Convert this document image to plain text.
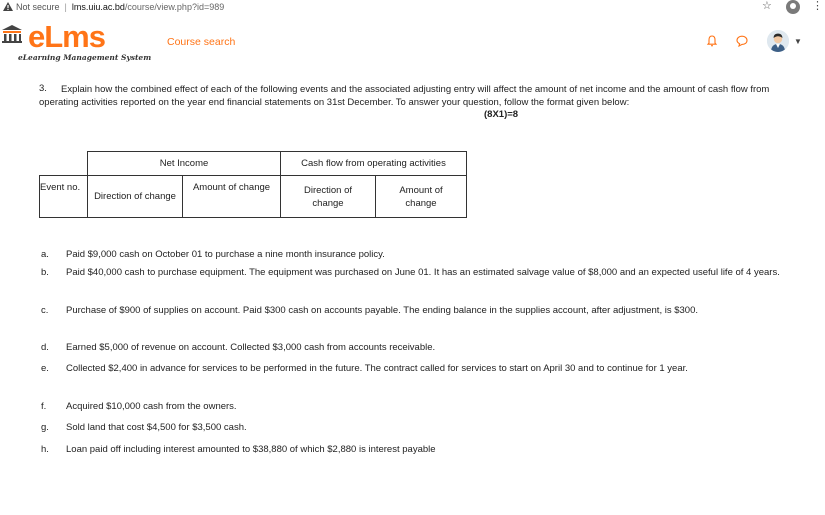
Not secure | lms.uiu.ac.bd /course/view.php?id=989	☆	⋮
eLms
eLearning Management System
Course search	▼
3.	Explain how the combined effect of each of the following events and the associated adjusting entry will affect the amount of net income and the amount of cash flow from operating activities reported on the year end financial statements on 31st December. To answer your question, follow the format given below:

(8X1)=8
	Net Income		Cash flow from operating activities	
Event no.	Direction of change	Amount of change	Direction of change	Amount of change
a. Paid $9,000 cash on October 01 to purchase a nine month insurance policy.
b. Paid $40,000 cash to purchase equipment. The equipment was purchased on June 01. It has an estimated salvage value of $8,000 and an expected useful life of 4 years.
c. Purchase of $900 of supplies on account. Paid $300 cash on accounts payable. The ending balance in the supplies account, after adjustment, is $300.
d. Earned $5,000 of revenue on account. Collected $3,000 cash from accounts receivable.
e. Collected $2,400 in advance for services to be performed in the future. The contract called for services to start on April 30 and to continue for 1 year.
f. Acquired $10,000 cash from the owners.
g. Sold land that cost $4,500 for $3,500 cash.
h. Loan paid off including interest amounted to $38,880 of which $2,880 is interest payable
